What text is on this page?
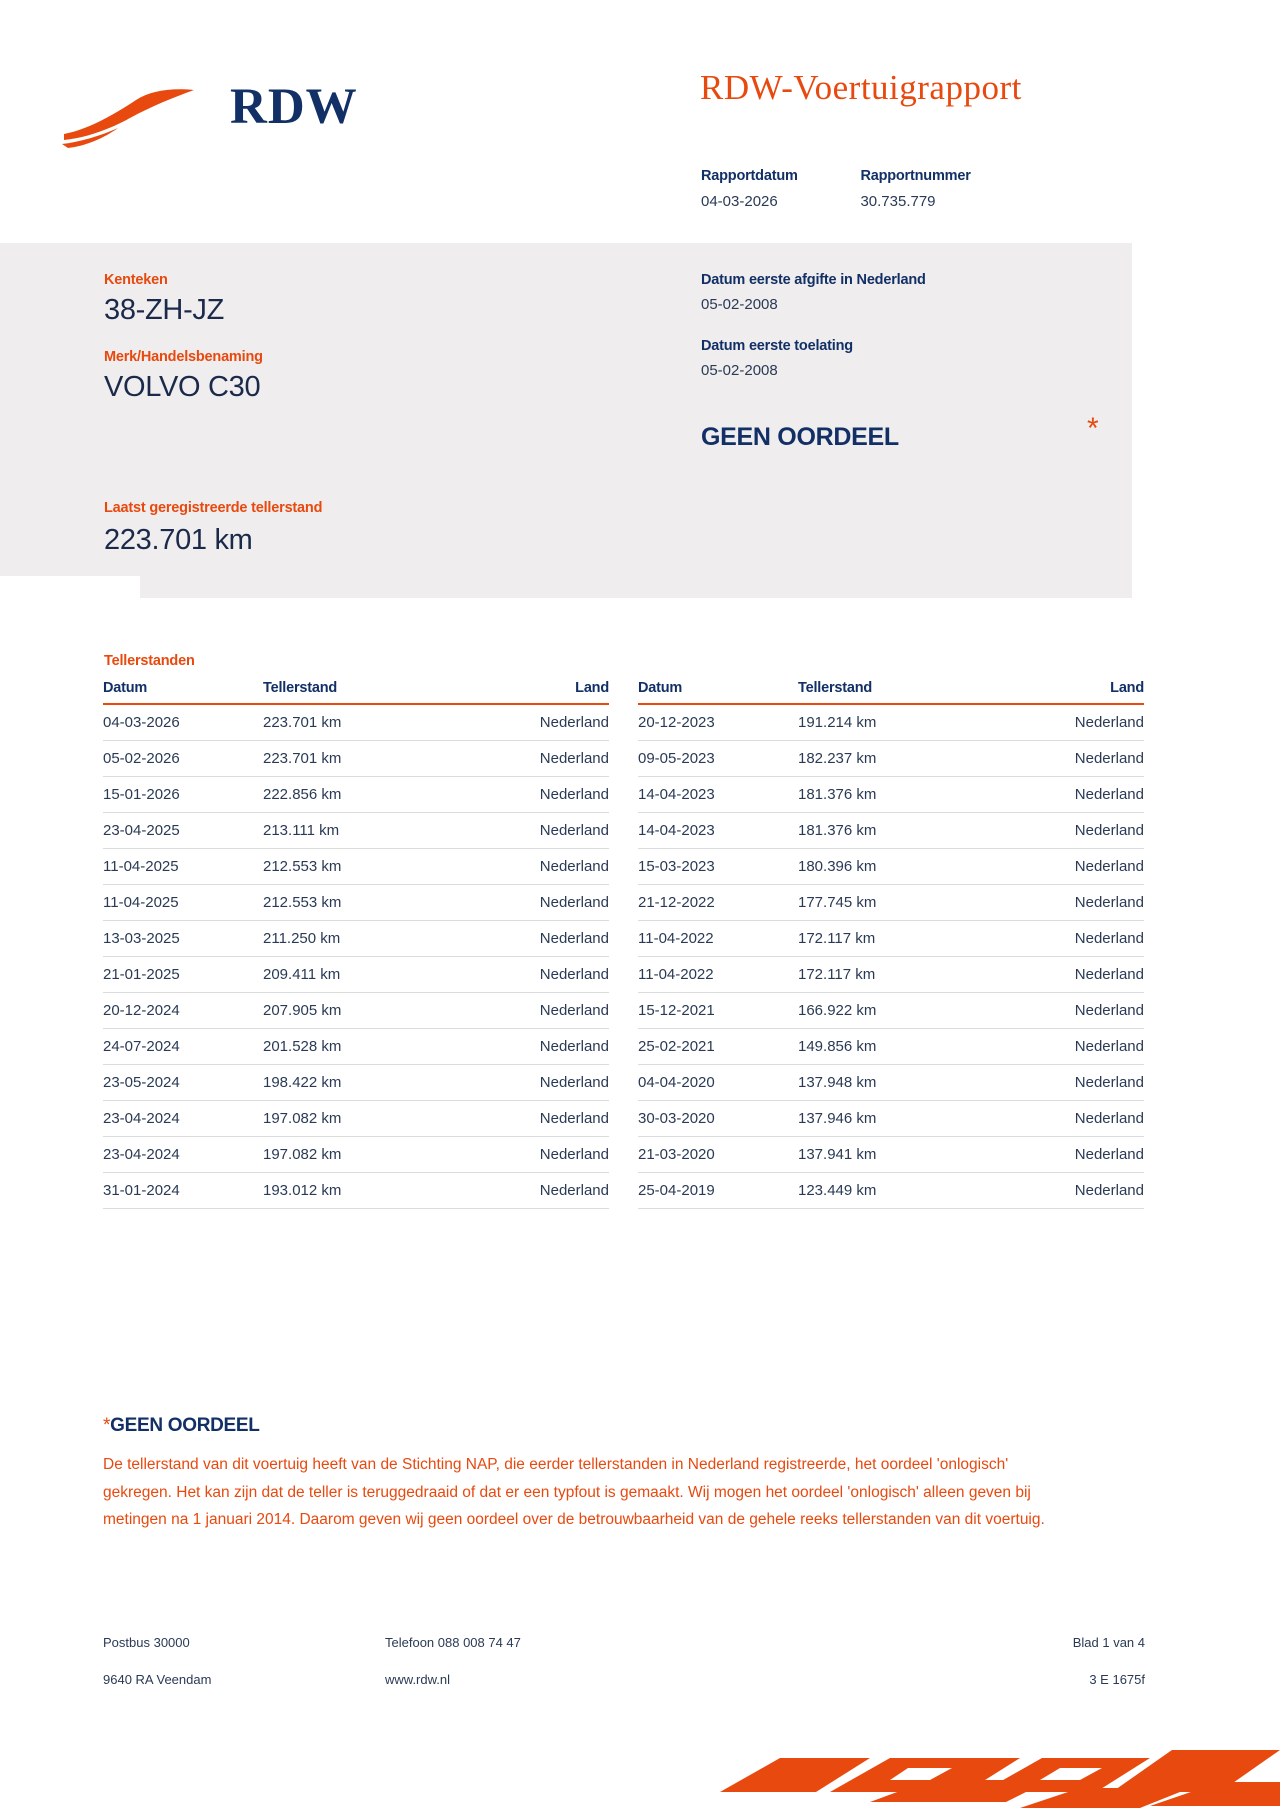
RDW	RDW-Voertuigrapport
Rapportdatum
04-03-2026

Rapportnummer
30.735.779
Kenteken
38-ZH-JZ
Merk/Handelsbenaming
VOLVO C30
Datum eerste afgifte in Nederland
05-02-2008
Datum eerste toelating
05-02-2008
GEEN OORDEEL	*
Laatst geregistreerde tellerstand
223.701 km
Tellerstanden
Datum	Tellerstand	Land
04-03-2026	223.701 km	Nederland
05-02-2026	223.701 km	Nederland
15-01-2026	222.856 km	Nederland
23-04-2025	213.111 km	Nederland
11-04-2025	212.553 km	Nederland
11-04-2025	212.553 km	Nederland
13-03-2025	211.250 km	Nederland
21-01-2025	209.411 km	Nederland
20-12-2024	207.905 km	Nederland
24-07-2024	201.528 km	Nederland
23-05-2024	198.422 km	Nederland
23-04-2024	197.082 km	Nederland
23-04-2024	197.082 km	Nederland
31-01-2024	193.012 km	Nederland
Datum	Tellerstand	Land
20-12-2023	191.214 km	Nederland
09-05-2023	182.237 km	Nederland
14-04-2023	181.376 km	Nederland
14-04-2023	181.376 km	Nederland
15-03-2023	180.396 km	Nederland
21-12-2022	177.745 km	Nederland
11-04-2022	172.117 km	Nederland
11-04-2022	172.117 km	Nederland
15-12-2021	166.922 km	Nederland
25-02-2021	149.856 km	Nederland
04-04-2020	137.948 km	Nederland
30-03-2020	137.946 km	Nederland
21-03-2020	137.941 km	Nederland
25-04-2019	123.449 km	Nederland
*GEEN OORDEEL
De tellerstand van dit voertuig heeft van de Stichting NAP, die eerder tellerstanden in Nederland registreerde, het oordeel 'onlogisch' gekregen. Het kan zijn dat de teller is teruggedraaid of dat er een typfout is gemaakt. Wij mogen het oordeel 'onlogisch' alleen geven bij metingen na 1 januari 2014. Daarom geven wij geen oordeel over de betrouwbaarheid van de gehele reeks tellerstanden van dit voertuig.
Postbus 30000
9640 RA Veendam
Telefoon 088 008 74 47
www.rdw.nl
Blad 1 van 4
3 E 1675f
